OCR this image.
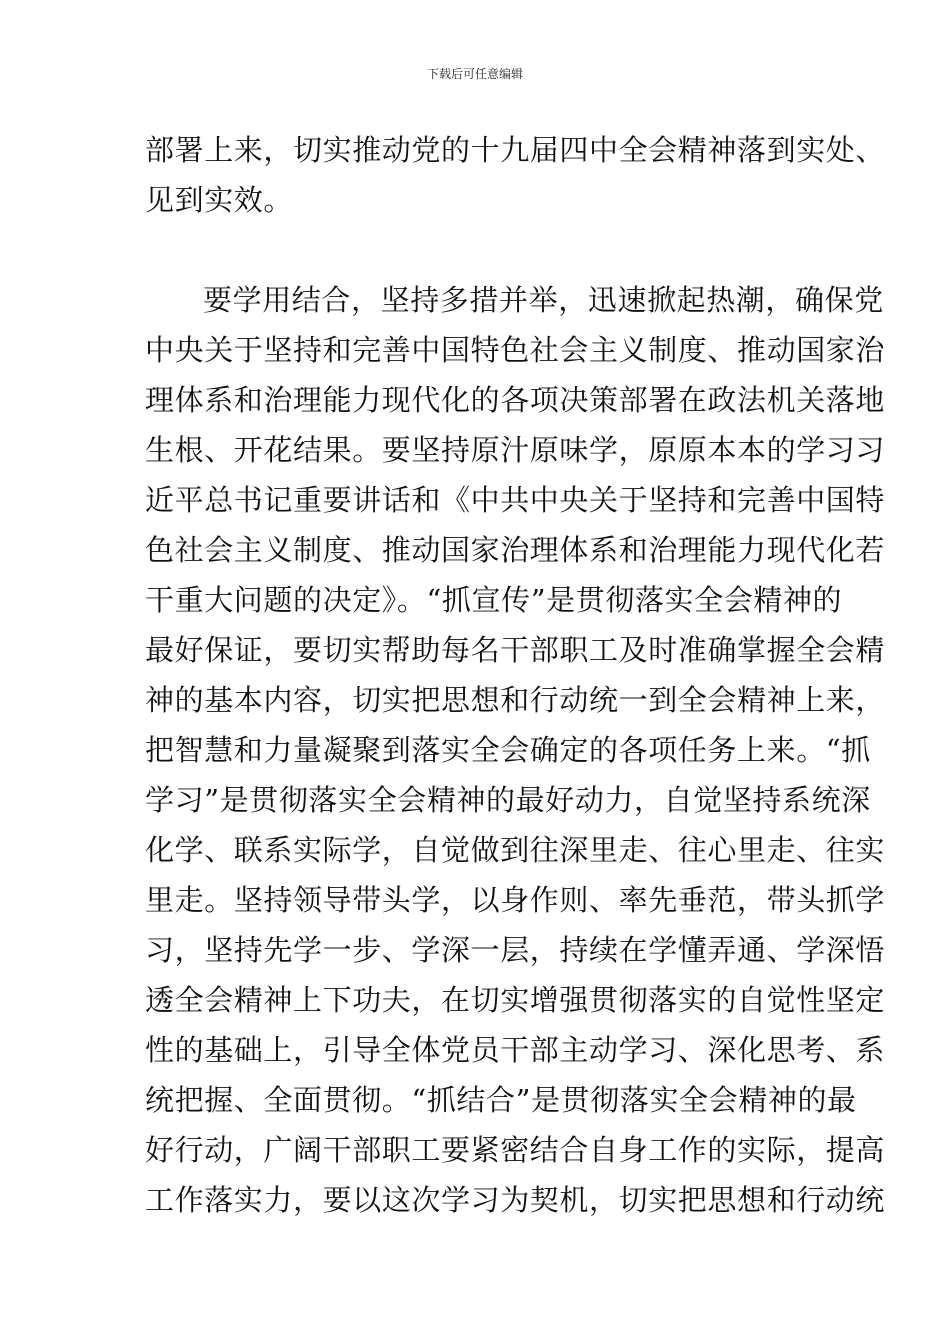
下载后可任意编辑
部署上来，切实推动党的十九届四中全会精神落到实处、
见到实效。
要学用结合，坚持多措并举，迅速掀起热潮，确保党
中央关于坚持和完善中国特色社会主义制度、推动国家治
理体系和治理能力现代化的各项决策部署在政法机关落地
生根、开花结果。要坚持原汁原味学，原原本本的学习习
近平总书记重要讲话和《中共中央关于坚持和完善中国特
色社会主义制度、推动国家治理体系和治理能力现代化若
干重大问题的决定》。“抓宣传”是贯彻落实全会精神的
最好保证，要切实帮助每名干部职工及时准确掌握全会精
神的基本内容，切实把思想和行动统一到全会精神上来，
把智慧和力量凝聚到落实全会确定的各项任务上来。“抓
学习”是贯彻落实全会精神的最好动力，自觉坚持系统深
化学、联系实际学，自觉做到往深里走、往心里走、往实
里走。坚持领导带头学，以身作则、率先垂范，带头抓学
习，坚持先学一步、学深一层，持续在学懂弄通、学深悟
透全会精神上下功夫，在切实增强贯彻落实的自觉性坚定
性的基础上，引导全体党员干部主动学习、深化思考、系
统把握、全面贯彻。“抓结合”是贯彻落实全会精神的最
好行动，广阔干部职工要紧密结合自身工作的实际，提高
工作落实力，要以这次学习为契机，切实把思想和行动统
